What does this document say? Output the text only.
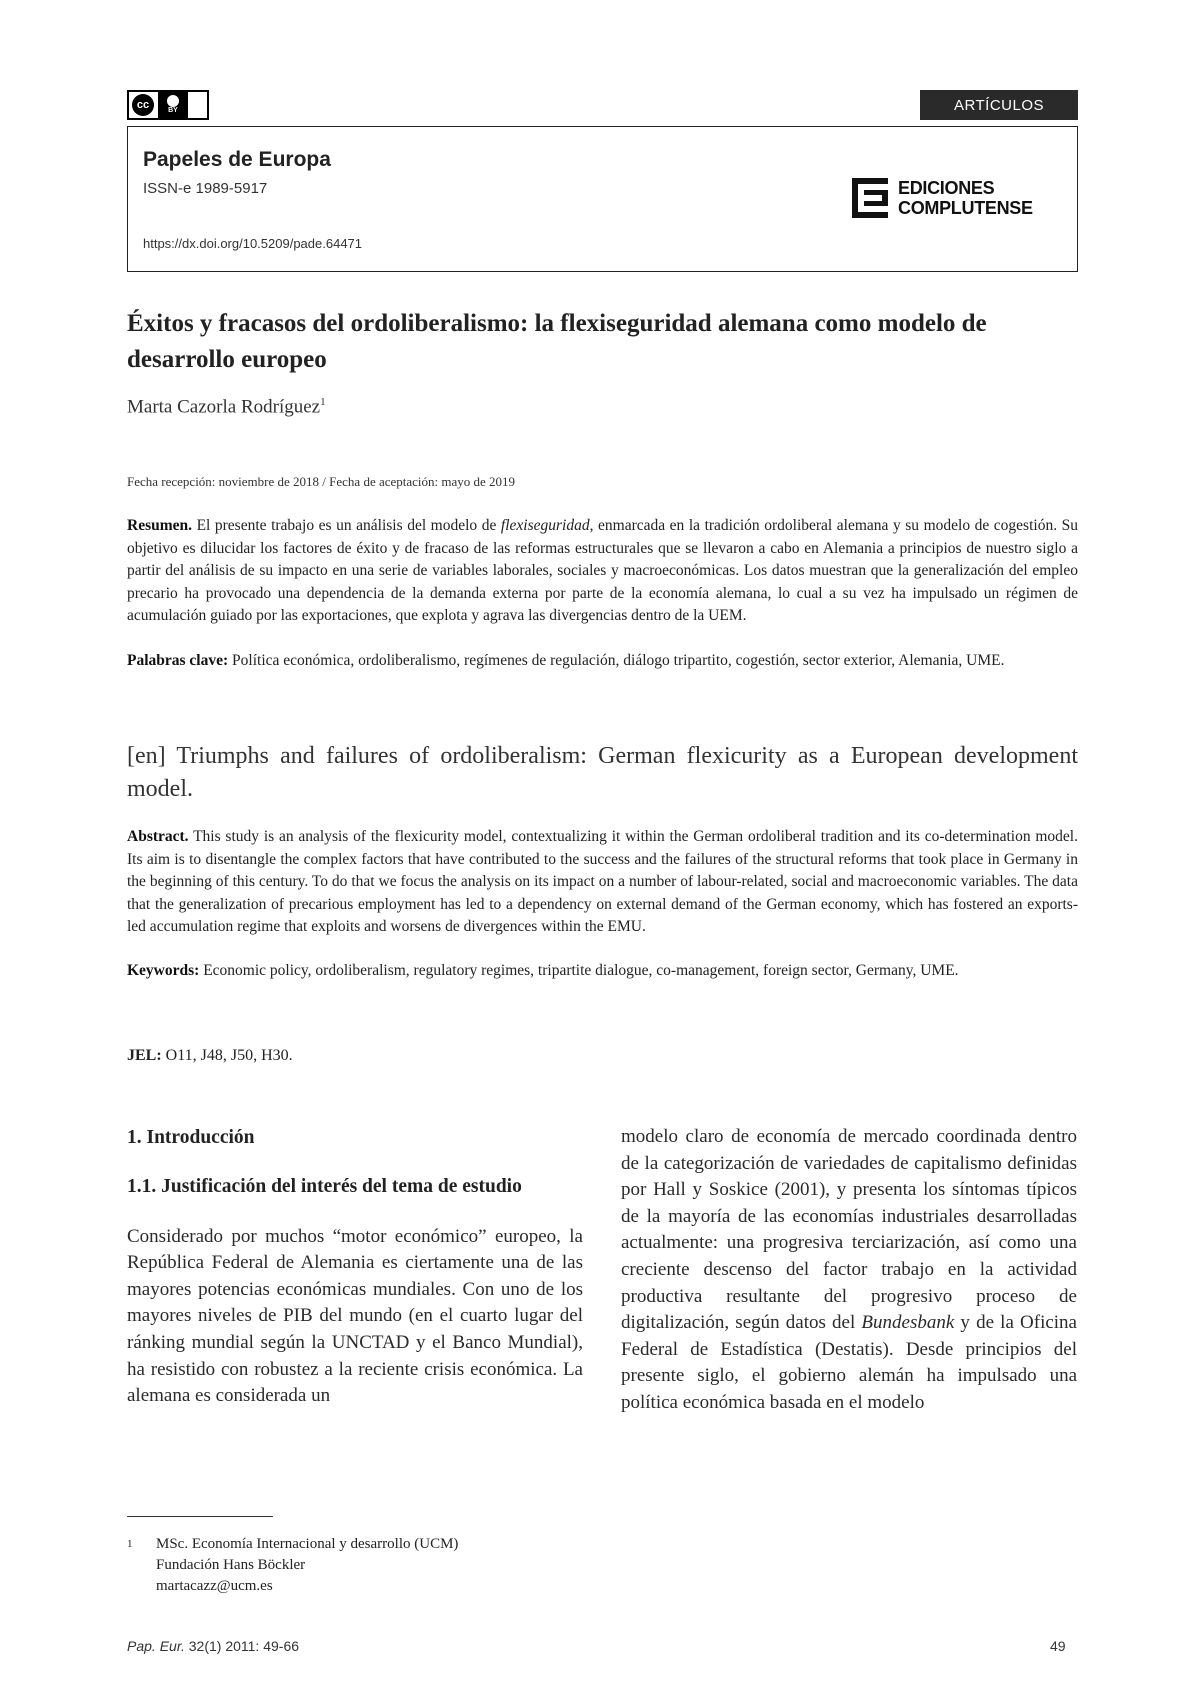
cc	BY	ARTÍCULOS
Papeles de Europa
ISSN-e 1989-5917
https://dx.doi.org/10.5209/pade.64471
EDICIONES
COMPLUTENSE
Éxitos y fracasos del ordoliberalismo: la flexiseguridad alemana como modelo de desarrollo europeo
Marta Cazorla Rodríguez$^1$
Fecha recepción: noviembre de 2018 / Fecha de aceptación: mayo de 2019

Resumen. El presente trabajo es un análisis del modelo de flexiseguridad, enmarcada en la tradición ordoliberal alemana y su modelo de cogestión. Su objetivo es dilucidar los factores de éxito y de fracaso de las reformas estructurales que se llevaron a cabo en Alemania a principios de nuestro siglo a partir del análisis de su impacto en una serie de variables laborales, sociales y macroeconómicas. Los datos muestran que la generalización del empleo precario ha provocado una dependencia de la demanda externa por parte de la economía alemana, lo cual a su vez ha impulsado un régimen de acumulación guiado por las exportaciones, que explota y agrava las divergencias dentro de la UEM.

Palabras clave: Política económica, ordoliberalismo, regímenes de regulación, diálogo tripartito, cogestión, sector exterior, Alemania, UME.

[en] Triumphs and failures of ordoliberalism: German flexicurity as a European development model.

Abstract. This study is an analysis of the flexicurity model, contextualizing it within the German ordoliberal tradition and its co-determination model. Its aim is to disentangle the complex factors that have contributed to the success and the failures of the structural reforms that took place in Germany in the beginning of this century. To do that we focus the analysis on its impact on a number of labour-related, social and macroeconomic variables. The data that the generalization of precarious employment has led to a dependency on external demand of the German economy, which has fostered an exports-led accumulation regime that exploits and worsens de divergences within the EMU.

Keywords: Economic policy, ordoliberalism, regulatory regimes, tripartite dialogue, co-management, foreign sector, Germany, UME.

JEL: O11, J48, J50, H30.
1. Introducción
1.1. Justificación del interés del tema de estudio

Considerado por muchos “motor económico” europeo, la República Federal de Alemania es ciertamente una de las mayores potencias económicas mundiales. Con uno de los mayores niveles de PIB del mundo (en el cuarto lugar del ránking mundial según la UNCTAD y el Banco Mundial), ha resistido con robustez a la reciente crisis económica. La alemana es considerada un

modelo claro de economía de mercado coordinada dentro de la categorización de variedades de capitalismo definidas por Hall y Soskice (2001), y presenta los síntomas típicos de la mayoría de las economías industriales desarrolladas actualmente: una progresiva terciarización, así como una creciente descenso del factor trabajo en la actividad productiva resultante del progresivo proceso de digitalización, según datos del Bundesbank y de la Oficina Federal de Estadística (Destatis). Desde principios del presente siglo, el gobierno alemán ha impulsado una política económica basada en el modelo

1 MSc. Economía Internacional y desarrollo (UCM)
Fundación Hans Böckler
martacazz@ucm.es
Pap. Eur. 32(1) 2011: 49-66	49
